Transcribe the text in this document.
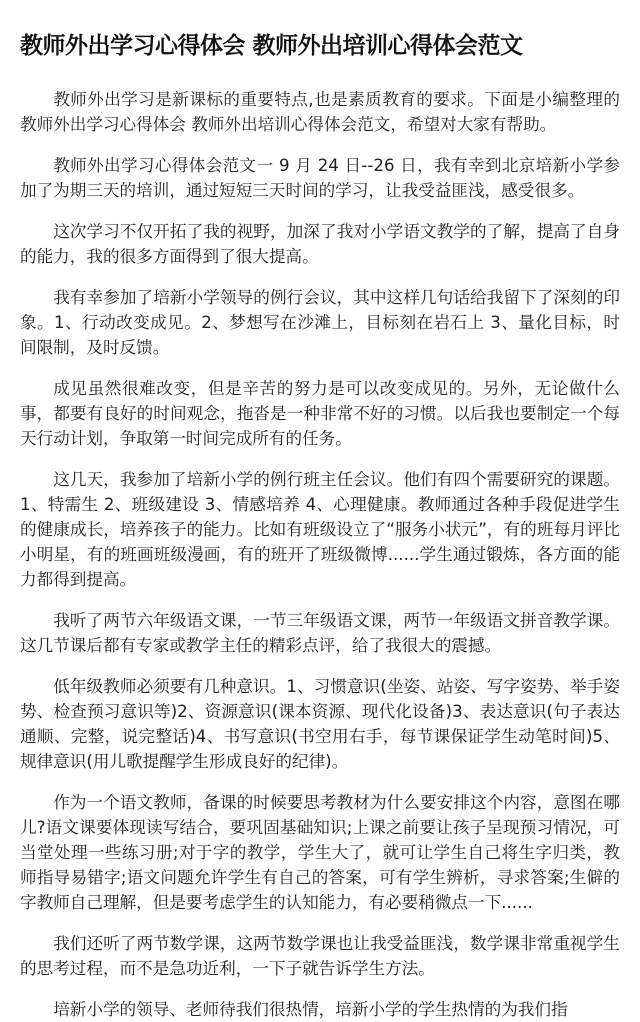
教师外出学习心得体会 教师外出培训心得体会范文

教师外出学习是新课标的重要特点,也是素质教育的要求。下面是小编整理的教师外出学习心得体会 教师外出培训心得体会范文，希望对大家有帮助。

教师外出学习心得体会范文一 9 月 24 日--26 日，我有幸到北京培新小学参加了为期三天的培训，通过短短三天时间的学习，让我受益匪浅，感受很多。

这次学习不仅开拓了我的视野，加深了我对小学语文教学的了解，提高了自身的能力，我的很多方面得到了很大提高。

我有幸参加了培新小学领导的例行会议，其中这样几句话给我留下了深刻的印象。1、行动改变成见。2、梦想写在沙滩上，目标刻在岩石上 3、量化目标，时间限制，及时反馈。

成见虽然很难改变，但是辛苦的努力是可以改变成见的。另外，无论做什么事，都要有良好的时间观念，拖沓是一种非常不好的习惯。以后我也要制定一个每天行动计划，争取第一时间完成所有的任务。

这几天，我参加了培新小学的例行班主任会议。他们有四个需要研究的课题。1、特需生 2、班级建设 3、情感培养 4、心理健康。教师通过各种手段促进学生的健康成长，培养孩子的能力。比如有班级设立了“服务小状元”，有的班每月评比小明星，有的班画班级漫画，有的班开了班级微博......学生通过锻炼，各方面的能力都得到提高。

我听了两节六年级语文课，一节三年级语文课，两节一年级语文拼音教学课。这几节课后都有专家或教学主任的精彩点评，给了我很大的震撼。

低年级教师必须要有几种意识。1、习惯意识(坐姿、站姿、写字姿势、举手姿势、检查预习意识等)2、资源意识(课本资源、现代化设备)3、表达意识(句子表达通顺、完整，说完整话)4、书写意识(书空用右手，每节课保证学生动笔时间)5、规律意识(用儿歌提醒学生形成良好的纪律)。

作为一个语文教师，备课的时候要思考教材为什么要安排这个内容，意图在哪儿?语文课要体现读写结合，要巩固基础知识;上课之前要让孩子呈现预习情况，可当堂处理一些练习册;对于字的教学，学生大了，就可让学生自己将生字归类，教师指导易错字;语文问题允许学生有自己的答案，可有学生辨析，寻求答案;生僻的字教师自己理解，但是要考虑学生的认知能力，有必要稍微点一下......

我们还听了两节数学课，这两节数学课也让我受益匪浅，数学课非常重视学生的思考过程，而不是急功近利，一下子就告诉学生方法。

培新小学的领导、老师待我们很热情，培新小学的学生热情的为我们指
